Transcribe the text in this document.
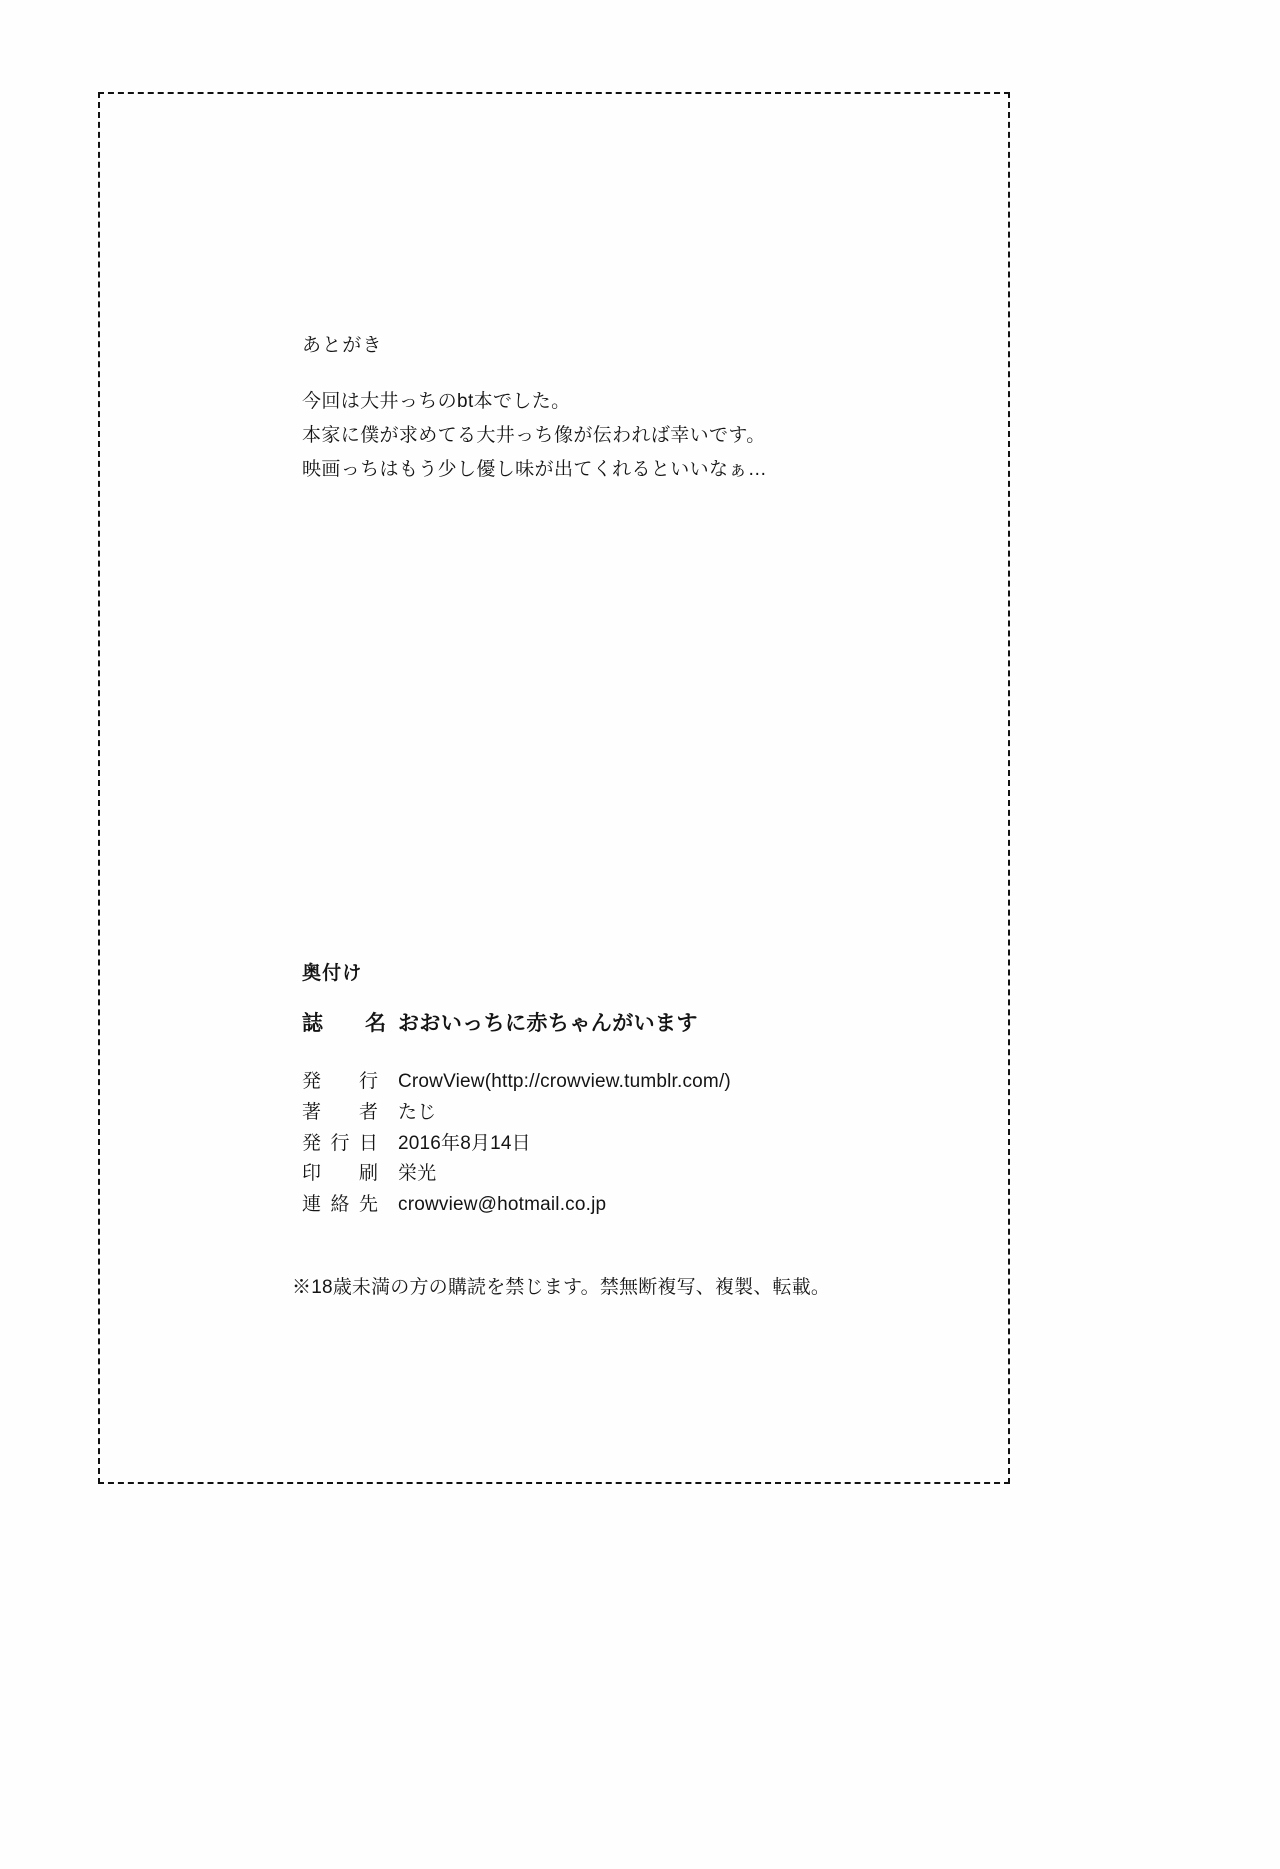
あとがき

今回は大井っちのbt本でした。

本家に僕が求めてる大井っち像が伝われば幸いです。

映画っちはもう少し優し味が出てくれるといいなぁ…

奥付け
誌　名 おおいっちに赤ちゃんがいます
発　行 CrowView(http://crowview.tumblr.com/)
著　者 たじ
発行日 2016年8月14日
印　刷 栄光
連絡先 crowview@hotmail.co.jp
※18歳未満の方の購読を禁じます。禁無断複写、複製、転載。
